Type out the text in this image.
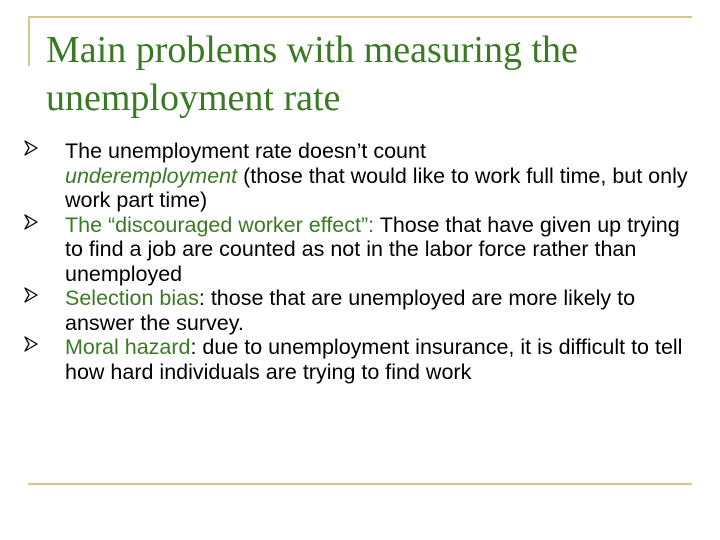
Main problems with measuring the
unemployment rate
The unemployment rate doesn’t count
underemployment (those that would like to work full time, but only work part time)
The “discouraged worker effect”: Those that have given up trying to find a job are counted as not in the labor force rather than unemployed
Selection bias: those that are unemployed are more likely to answer the survey.
Moral hazard: due to unemployment insurance, it is difficult to tell how hard individuals are trying to find work
